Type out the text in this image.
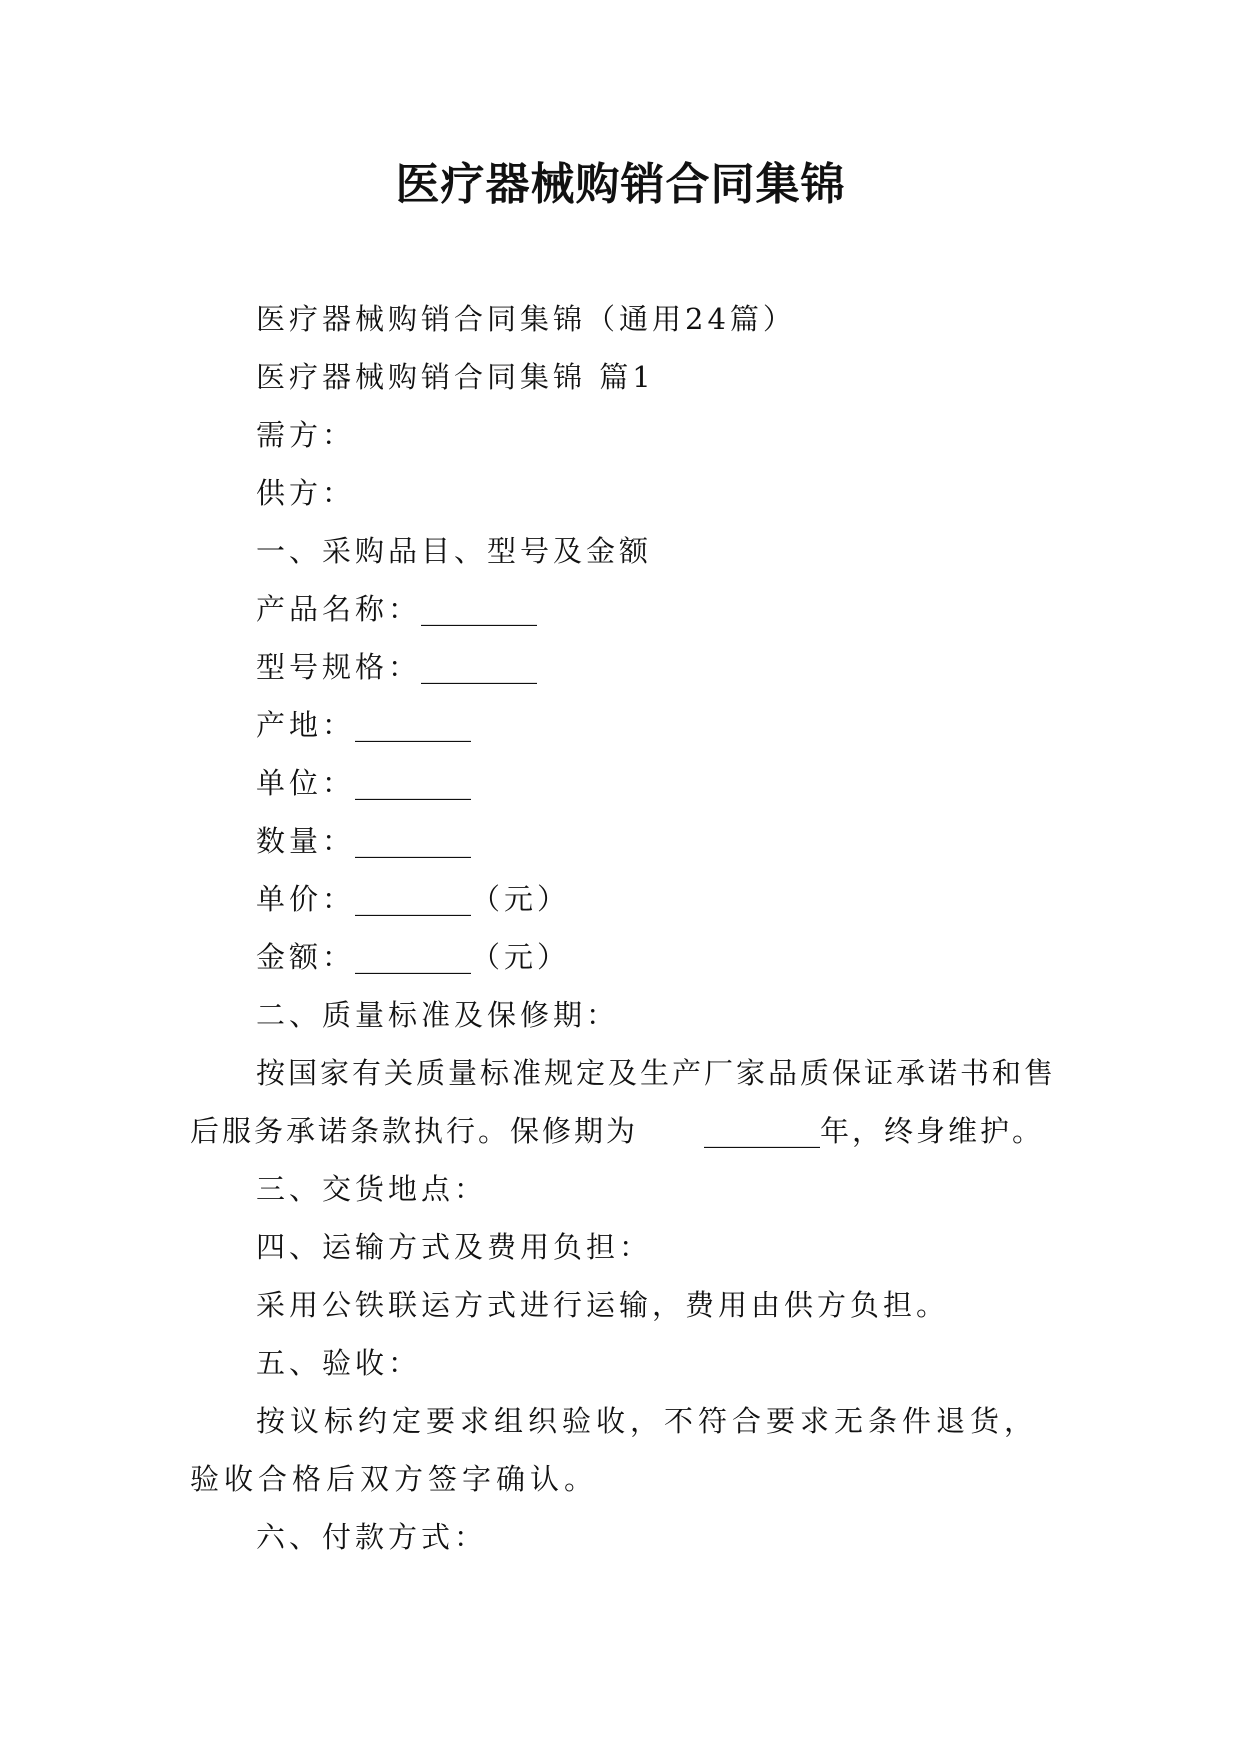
医疗器械购销合同集锦

医疗器械购销合同集锦（通用24篇）

医疗器械购销合同集锦 篇1

需方：

供方：

一、采购品目、型号及金额

产品名称：________

型号规格：________

产地：________

单位：________

数量：________

单价：________（元）

金额：________（元）

二、质量标准及保修期：

按国家有关质量标准规定及生产厂家品质保证承诺书和售后服务承诺条款执行。保修期为 ________年，终身维护。

三、交货地点：

四、运输方式及费用负担：

采用公铁联运方式进行运输，费用由供方负担。

五、验收：

按议标约定要求组织验收，不符合要求无条件退货，验收合格后双方签字确认。

六、付款方式：
